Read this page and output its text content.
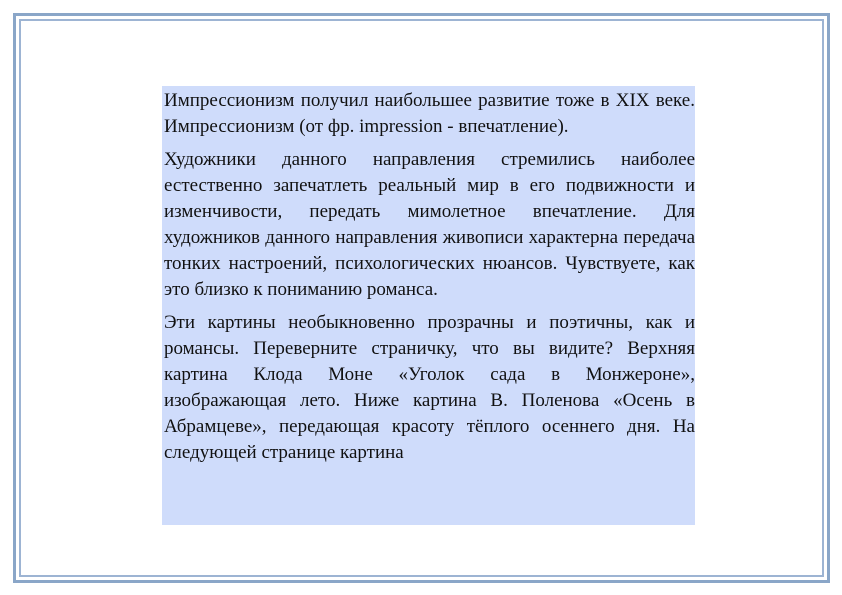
Импрессионизм получил наибольшее развитие тоже в XIX веке. Импрессионизм (от фр. impression - впечатление).

Художники данного направления стремились наиболее естественно запечатлеть реальный мир в его подвижности и изменчивости, передать мимолетное впечатление. Для художников данного направления живописи характерна передача тонких настроений, психологических нюансов. Чувствуете, как это близко к пониманию романса.

Эти картины необыкновенно прозрачны и поэтичны, как и романсы. Переверните страничку, что вы видите? Верхняя картина Клода Моне «Уголок сада в Монжероне», изображающая лето. Ниже картина В. Поленова «Осень в Абрамцеве», передающая красоту тёплого осеннего дня. На следующей странице картина
